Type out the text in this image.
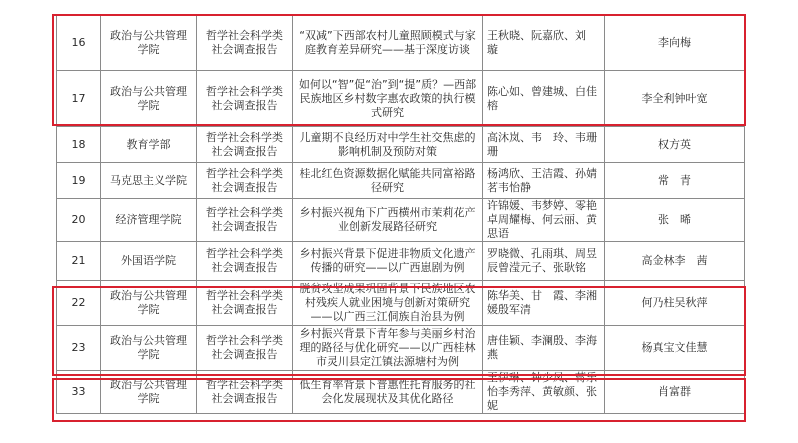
16	政治与公共管理学院	哲学社会科学类社会调查报告	“双减”下西部农村儿童照顾模式与家庭教育差异研究——基于深度访谈	王秋晓、阮嘉欣、刘　璇	李向梅
17	政治与公共管理学院	哲学社会科学类社会调查报告	如何以“智”促“治”到“提”质？—西部民族地区乡村数字惠农政策的执行模式研究	陈心如、曾建城、白佳榕	李全利钟叶宽
18	教育学部	哲学社会科学类社会调查报告	儿童期不良经历对中学生社交焦虑的影响机制及预防对策	高沐岚、韦　玲、韦珊珊	权方英
19	马克思主义学院	哲学社会科学类社会调查报告	桂北红色资源数据化赋能共同富裕路径研究	杨鸿欣、王洁霞、孙婧茗韦怡静	常　青
20	经济管理学院	哲学社会科学类社会调查报告	乡村振兴视角下广西横州市茉莉花产业创新发展路径研究	许锦媛、韦梦婷、零艳卓周耀梅、何云丽、黄思语	张　晞
21	外国语学院	哲学社会科学类社会调查报告	乡村振兴背景下促进非物质文化遗产传播的研究——以广西崽剧为例	罗晓微、孔雨琪、周昱辰曾滢元子、张耿铭	高金林李　茜
22	政治与公共管理学院	哲学社会科学类社会调查报告	脱贫攻坚成果巩固背景下民族地区农村残疾人就业困境与创新对策研究——以广西三江侗族自治县为例	陈华美、甘　霞、李湘媛殷军清	何乃柱吴秋萍
23	政治与公共管理学院	哲学社会科学类社会调查报告	乡村振兴背景下青年参与美丽乡村治理的路径与优化研究——以广西桂林市灵川县定江镇法源塘村为例	唐佳颖、李澜殷、李海燕	杨真宝文佳慧
33	政治与公共管理学院	哲学社会科学类社会调查报告	低生育率背景下普惠性托育服务的社会化发展现状及其优化路径	王伊琳、钟少凤、蒋乐怡李秀萍、黄敏颜、张　妮	肖富群
